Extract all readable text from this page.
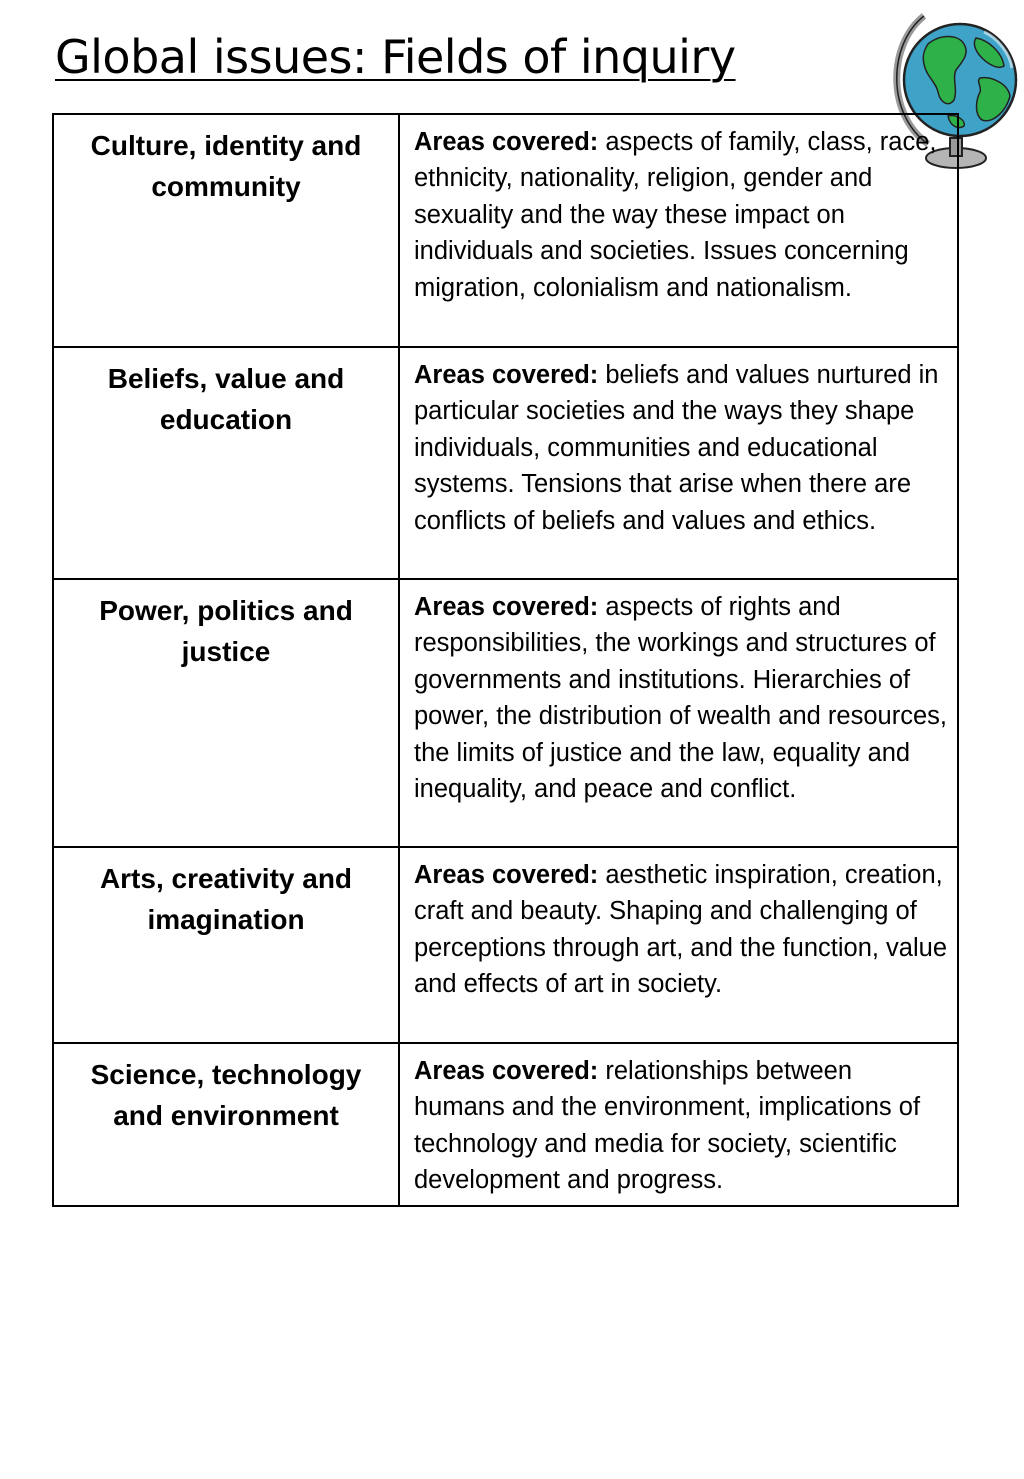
Global issues: Fields of inquiry
Culture, identity and community	Areas covered: aspects of family, class, race, ethnicity, nationality, religion, gender and sexuality and the way these impact on individuals and societies. Issues concerning migration, colonialism and nationalism.

Beliefs, value and education	Areas covered: beliefs and values nurtured in particular societies and the ways they shape individuals, communities and educational systems. Tensions that arise when there are conflicts of beliefs and values and ethics.

Power, politics and justice	Areas covered: aspects of rights and responsibilities, the workings and structures of governments and institutions. Hierarchies of power, the distribution of wealth and resources, the limits of justice and the law, equality and inequality, and peace and conflict.

Arts, creativity and imagination	Areas covered: aesthetic inspiration, creation, craft and beauty. Shaping and challenging of perceptions through art, and the function, value and effects of art in society.

Science, technology and environment	Areas covered: relationships between humans and the environment, implications of technology and media for society, scientific development and progress.
